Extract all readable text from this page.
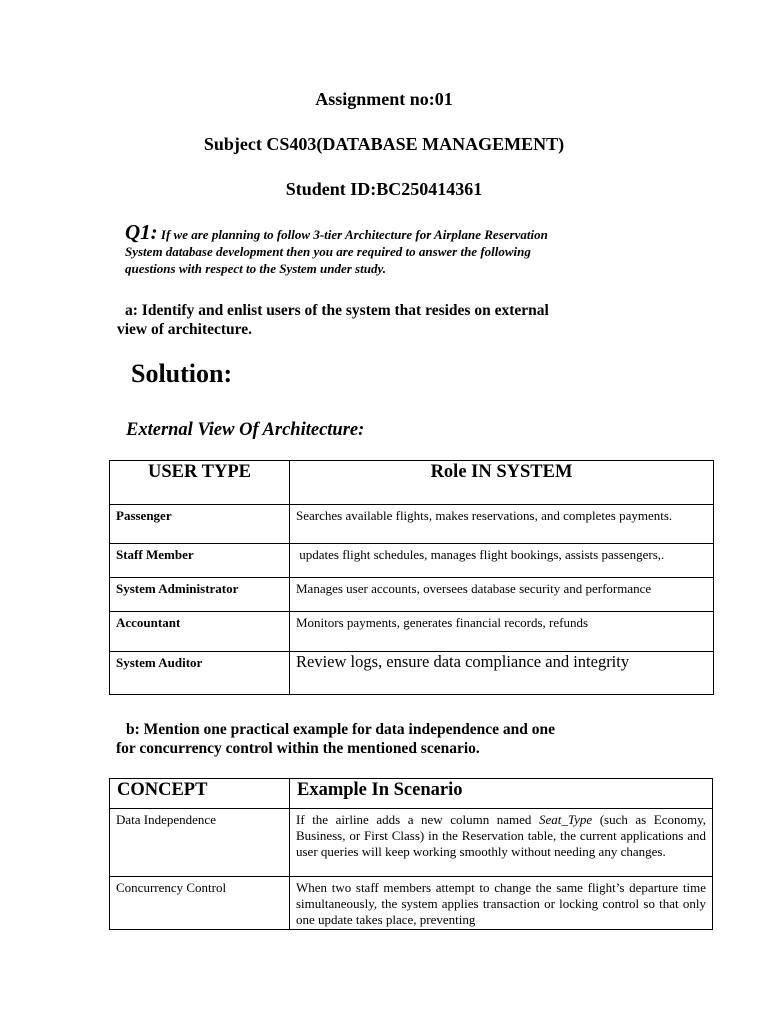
Assignment no:01
Subject CS403(DATABASE MANAGEMENT)
Student ID:BC250414361
Q1: If we are planning to follow 3-tier Architecture for Airplane Reservation
System database development then you are required to answer the following
questions with respect to the System under study.
a: Identify and enlist users of the system that resides on external
view of architecture.
Solution:
External View Of Architecture:
USER TYPE	Role IN SYSTEM

Passenger	Searches available flights, makes reservations, and completes payments.

Staff Member	updates flight schedules, manages flight bookings, assists passengers,.

System Administrator	Manages user accounts, oversees database security and performance

Accountant	Monitors payments, generates financial records, refunds

System Auditor	Review logs, ensure data compliance and integrity
b: Mention one practical example for data independence and one
for concurrency control within the mentioned scenario.
CONCEPT	Example In Scenario

Data Independence	If the airline adds a new column named Seat_Type (such as Economy, Business, or First Class) in the Reservation table, the current applications and user queries will keep working smoothly without needing any changes.

Concurrency Control	When two staff members attempt to change the same flight’s departure time simultaneously, the system applies transaction or locking control so that only one update takes place, preventing
